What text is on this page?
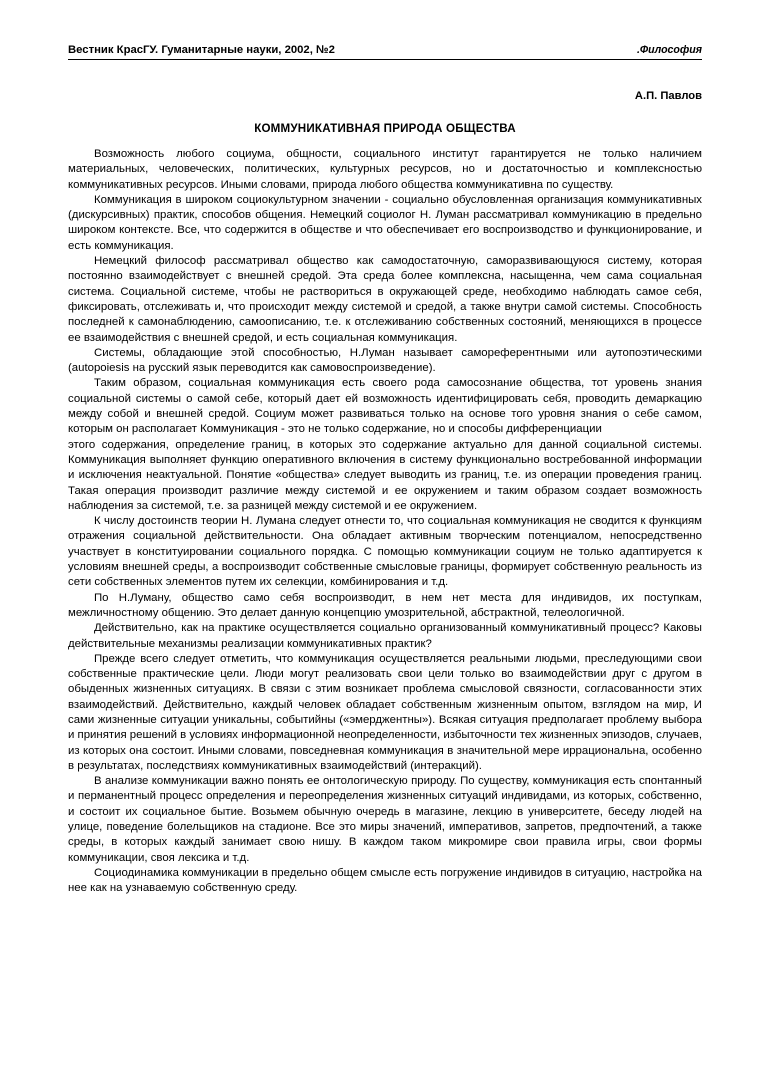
Вестник КрасГУ. Гуманитарные науки, 2002, №2	.Философия
А.П. Павлов
КОММУНИКАТИВНАЯ ПРИРОДА ОБЩЕСТВА

Возможность любого социума, общности, социального институт гарантируется не только наличием материальных, человеческих, политических, культурных ресурсов, но и достаточностью и комплексностью коммуникативных ресурсов. Иными словами, природа любого общества коммуникативна по существу.

Коммуникация в широком социокультурном значении - социально обусловленная организация коммуникативных (дискурсивных) практик, способов общения. Немецкий социолог Н. Луман рассматривал коммуникацию в предельно широком контексте. Все, что содержится в обществе и что обеспечивает его воспроизводство и функционирование, и есть коммуникация.

Немецкий философ рассматривал общество как самодостаточную, саморазвивающуюся систему, которая постоянно взаимодействует с внешней средой. Эта среда более комплексна, насыщенна, чем сама социальная система. Социальной системе, чтобы не раствориться в окружающей среде, необходимо наблюдать самое себя, фиксировать, отслеживать и, что происходит между системой и средой, а также внутри самой системы. Способность последней к самонаблюдению, самоописанию, т.е. к отслеживанию собственных состояний, меняющихся в процессе ее взаимодействия с внешней средой, и есть социальная коммуникация.

Системы, обладающие этой способностью, Н.Луман называет самореферентными или аутопоэтическими (autopoiesis на русский язык переводится как самовоспроизведение).

Таким образом, социальная коммуникация есть своего рода самосознание общества, тот уровень знания социальной системы о самой себе, который дает ей возможность идентифицировать себя, проводить демаркацию между собой и внешней средой. Социум может развиваться только на основе того уровня знания о себе самом, которым он располагает Коммуникация - это не только содержание, но и способы дифференциации

этого содержания, определение границ, в которых это содержание актуально для данной социальной системы. Коммуникация выполняет функцию оперативного включения в систему функционально востребованной информации и исключения неактуальной. Понятие «общества» следует выводить из границ, т.е. из операции проведения границ. Такая операция производит различие между системой и ее окружением и таким образом создает возможность наблюдения за системой, т.е. за разницей между системой и ее окружением.

К числу достоинств теории Н. Лумана следует отнести то, что социальная коммуникация не сводится к функциям отражения социальной действительности. Она обладает активным творческим потенциалом, непосредственно участвует в конституировании социального порядка. С помощью коммуникации социум не только адаптируется к условиям внешней среды, а воспроизводит собственные смысловые границы, формирует собственную реальность из сети собственных элементов путем их селекции, комбинирования и т.д.

По Н.Луману, общество само себя воспроизводит, в нем нет места для индивидов, их поступкам, межличностному общению. Это делает данную концепцию умозрительной, абстрактной, телеологичной.

Действительно, как на практике осуществляется социально организованный коммуникативный процесс? Каковы действительные механизмы реализации коммуникативных практик?

Прежде всего следует отметить, что коммуникация осуществляется реальными людьми, преследующими свои собственные практические цели. Люди могут реализовать свои цели только во взаимодействии друг с другом в обыденных жизненных ситуациях. В связи с этим возникает проблема смысловой связности, согласованности этих взаимодействий. Действительно, каждый человек обладает собственным жизненным опытом, взглядом на мир, И сами жизненные ситуации уникальны, событийны («эмерджентны»). Всякая ситуация предполагает проблему выбора и принятия решений в условиях информационной неопределенности, избыточности тех жизненных эпизодов, случаев, из которых она состоит. Иными словами, повседневная коммуникация в значительной мере иррациональна, особенно в результатах, последствиях коммуникативных взаимодействий (интеракций).

В анализе коммуникации важно понять ее онтологическую природу. По существу, коммуникация есть спонтанный и перманентный процесс определения и переопределения жизненных ситуаций индивидами, из которых, собственно, и состоит их социальное бытие. Возьмем обычную очередь в магазине, лекцию в университете, беседу людей на улице, поведение болельщиков на стадионе. Все это миры значений, императивов, запретов, предпочтений, а также среды, в которых каждый занимает свою нишу. В каждом таком микромире свои правила игры, свои формы коммуникации, своя лексика и т.д.

Социодинамика коммуникации в предельно общем смысле есть погружение индивидов в ситуацию, настройка на нее как на узнаваемую собственную среду.
